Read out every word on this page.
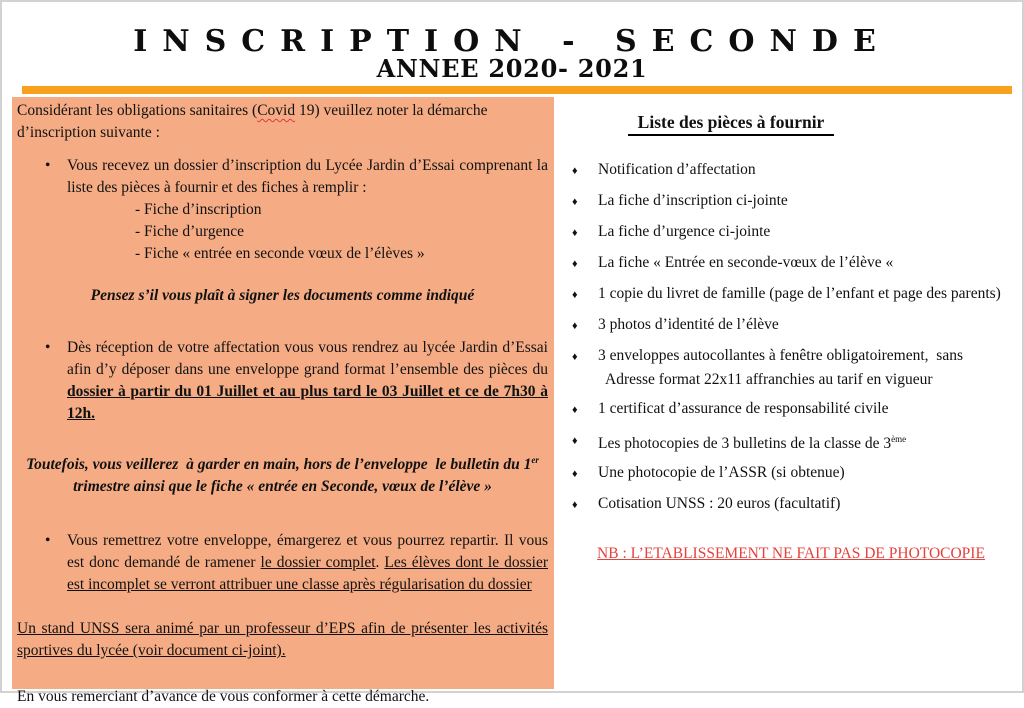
INSCRIPTION - SECONDE
ANNEE 2020- 2021

Considérant les obligations sanitaires (Covid 19) veuillez noter la démarche d’inscription suivante :

•	Vous recevez un dossier d’inscription du Lycée Jardin d’Essai comprenant la liste des pièces à fournir et des fiches à remplir :
- Fiche d’inscription
- Fiche d’urgence
- Fiche « entrée en seconde vœux de l’élèves »

Pensez s’il vous plaît à signer les documents comme indiqué

•	Dès réception de votre affectation vous vous rendrez au lycée Jardin d’Essai afin d’y déposer dans une enveloppe grand format l’ensemble des pièces du dossier à partir du 01 Juillet et au plus tard le 03 Juillet et ce de 7h30 à 12h.

Toutefois, vous veillerez  à garder en main, hors de l’enveloppe  le bulletin du 1er trimestre ainsi que le fiche « entrée en Seconde, vœux de l’élève »

•	Vous remettrez votre enveloppe, émargerez et vous pourrez repartir. Il vous est donc demandé de ramener le dossier complet. Les élèves dont le dossier est incomplet se verront attribuer une classe après régularisation du dossier

Un stand UNSS sera animé par un professeur d’EPS afin de présenter les activités sportives du lycée (voir document ci-joint).

En vous remerciant d’avance de vous conformer à cette démarche.

Liste des pièces à fournir
♦	Notification d’affectation
♦	La fiche d’inscription ci-jointe
♦	La fiche d’urgence ci-jointe
♦	La fiche « Entrée en seconde-vœux de l’élève «
♦	1 copie du livret de famille (page de l’enfant et page des parents)
♦	3 photos d’identité de l’élève
♦	3 enveloppes autocollantes à fenêtre obligatoirement,  sans
Adresse format 22x11 affranchies au tarif en vigueur
♦	1 certificat d’assurance de responsabilité civile
♦	Les photocopies de 3 bulletins de la classe de 3ème
♦	Une photocopie de l’ASSR (si obtenue)
♦	Cotisation UNSS : 20 euros (facultatif)

NB : L’ETABLISSEMENT NE FAIT PAS DE PHOTOCOPIE
